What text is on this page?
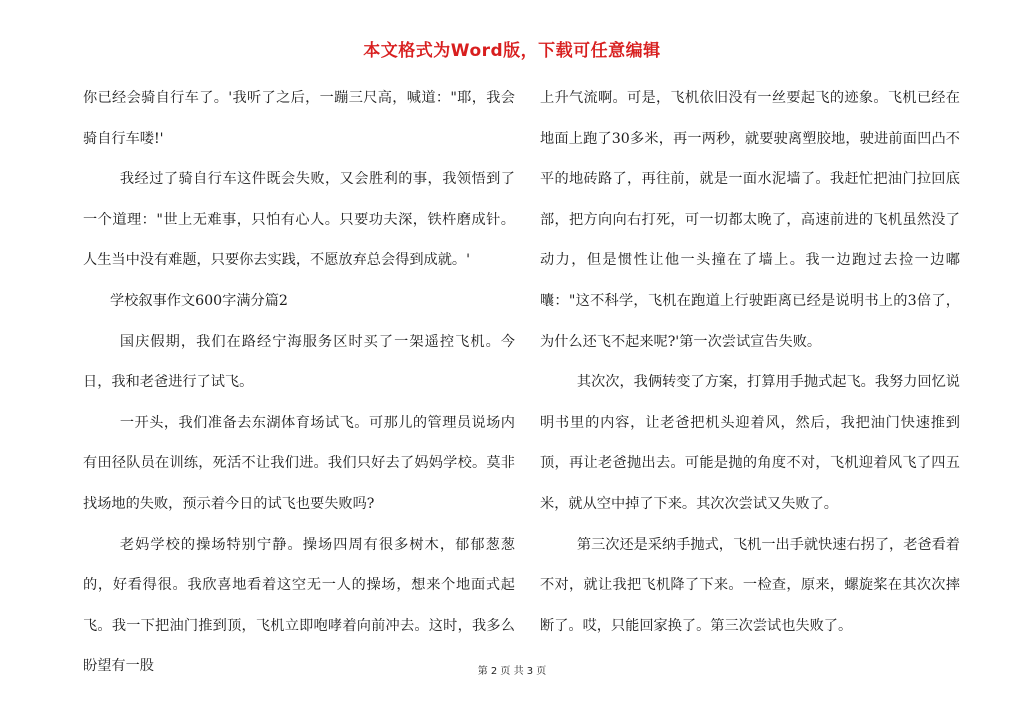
本文格式为Word版，下载可任意编辑

你已经会骑自行车了。'我听了之后，一蹦三尺高，喊道："耶，我会骑自行车喽!'

我经过了骑自行车这件既会失败，又会胜利的事，我领悟到了一个道理："世上无难事，只怕有心人。只要功夫深，铁杵磨成针。人生当中没有难题，只要你去实践，不愿放弃总会得到成就。'

学校叙事作文600字满分篇2

国庆假期，我们在路经宁海服务区时买了一架遥控飞机。今日，我和老爸进行了试飞。

一开头，我们准备去东湖体育场试飞。可那儿的管理员说场内有田径队员在训练，死活不让我们进。我们只好去了妈妈学校。莫非找场地的失败，预示着今日的试飞也要失败吗?

老妈学校的操场特别宁静。操场四周有很多树木，郁郁葱葱的，好看得很。我欣喜地看着这空无一人的操场，想来个地面式起飞。我一下把油门推到顶，飞机立即咆哮着向前冲去。这时，我多么盼望有一股

上升气流啊。可是，飞机依旧没有一丝要起飞的迹象。飞机已经在地面上跑了30多米，再一两秒，就要驶离塑胶地，驶进前面凹凸不平的地砖路了，再往前，就是一面水泥墙了。我赶忙把油门拉回底部，把方向向右打死，可一切都太晚了，高速前进的飞机虽然没了动力，但是惯性让他一头撞在了墙上。我一边跑过去捡一边嘟囔："这不科学，飞机在跑道上行驶距离已经是说明书上的3倍了，为什么还飞不起来呢?'第一次尝试宣告失败。

其次次，我俩转变了方案，打算用手抛式起飞。我努力回忆说明书里的内容，让老爸把机头迎着风，然后，我把油门快速推到顶，再让老爸抛出去。可能是抛的角度不对，飞机迎着风飞了四五米，就从空中掉了下来。其次次尝试又失败了。

第三次还是采纳手抛式，飞机一出手就快速右拐了，老爸看着不对，就让我把飞机降了下来。一检查，原来，螺旋桨在其次次摔断了。哎，只能回家换了。第三次尝试也失败了。

第 2 页 共 3 页
